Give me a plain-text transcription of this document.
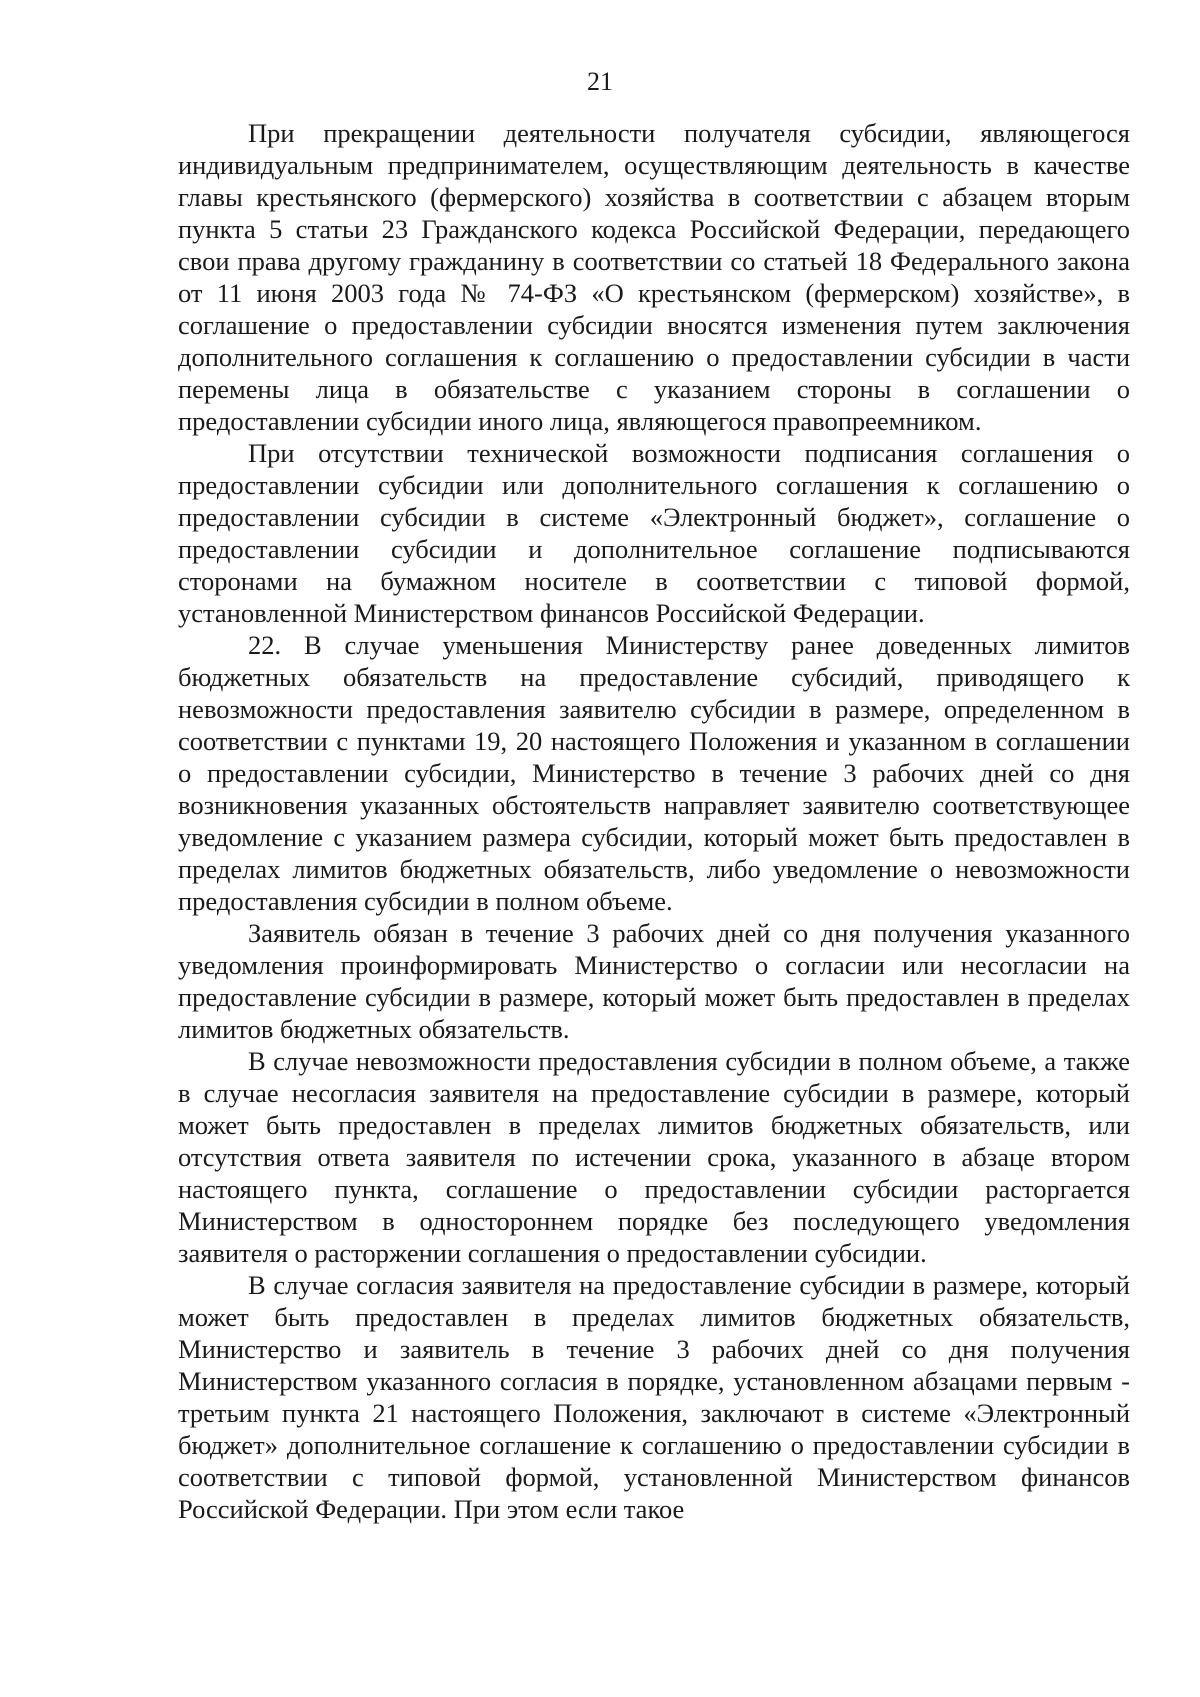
21

При прекращении деятельности получателя субсидии, являющегося индивидуальным предпринимателем, осуществляющим деятельность в качестве главы крестьянского (фермерского) хозяйства в соответствии с абзацем вторым пункта 5 статьи 23 Гражданского кодекса Российской Федерации, передающего свои права другому гражданину в соответствии со статьей 18 Федерального закона от 11 июня 2003 года № 74-ФЗ «О крестьянском (фермерском) хозяйстве», в соглашение о предоставлении субсидии вносятся изменения путем заключения дополнительного соглашения к соглашению о предоставлении субсидии в части перемены лица в обязательстве с указанием стороны в соглашении о предоставлении субсидии иного лица, являющегося правопреемником.

При отсутствии технической возможности подписания соглашения о предоставлении субсидии или дополнительного соглашения к соглашению о предоставлении субсидии в системе «Электронный бюджет», соглашение о предоставлении субсидии и дополнительное соглашение подписываются сторонами на бумажном носителе в соответствии с типовой формой, установленной Министерством финансов Российской Федерации.

22. В случае уменьшения Министерству ранее доведенных лимитов бюджетных обязательств на предоставление субсидий, приводящего к невозможности предоставления заявителю субсидии в размере, определенном в соответствии с пунктами 19, 20 настоящего Положения и указанном в соглашении о предоставлении субсидии, Министерство в течение 3 рабочих дней со дня возникновения указанных обстоятельств направляет заявителю соответствующее уведомление с указанием размера субсидии, который может быть предоставлен в пределах лимитов бюджетных обязательств, либо уведомление о невозможности предоставления субсидии в полном объеме.

Заявитель обязан в течение 3 рабочих дней со дня получения указанного уведомления проинформировать Министерство о согласии или несогласии на предоставление субсидии в размере, который может быть предоставлен в пределах лимитов бюджетных обязательств.

В случае невозможности предоставления субсидии в полном объеме, а также в случае несогласия заявителя на предоставление субсидии в размере, который может быть предоставлен в пределах лимитов бюджетных обязательств, или отсутствия ответа заявителя по истечении срока, указанного в абзаце втором настоящего пункта, соглашение о предоставлении субсидии расторгается Министерством в одностороннем порядке без последующего уведомления заявителя о расторжении соглашения о предоставлении субсидии.

В случае согласия заявителя на предоставление субсидии в размере, который может быть предоставлен в пределах лимитов бюджетных обязательств, Министерство и заявитель в течение 3 рабочих дней со дня получения Министерством указанного согласия в порядке, установленном абзацами первым - третьим пункта 21 настоящего Положения, заключают в системе «Электронный бюджет» дополнительное соглашение к соглашению о предоставлении субсидии в соответствии с типовой формой, установленной Министерством финансов Российской Федерации. При этом если такое
